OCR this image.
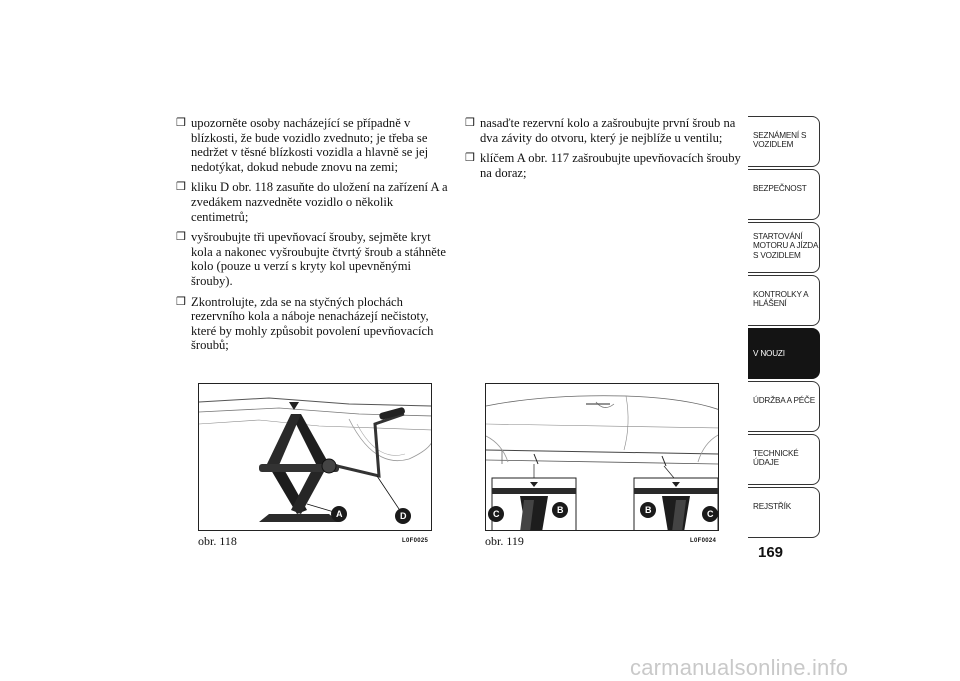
❒ upozorněte osoby nacházející se případně v blízkosti, že bude vozidlo zvednuto; je třeba se nedržet v těsné blízkosti vozidla a hlavně se jej nedotýkat, dokud nebude znovu na zemi;
❒ kliku D obr. 118 zasuňte do uložení na zařízení A a zvedákem nazvedněte vozidlo o několik centimetrů;
❒ vyšroubujte tři upevňovací šrouby, sejměte kryt kola a nakonec vyšroubujte čtvrtý šroub a stáhněte kolo (pouze u verzí s kryty kol upevněnými šrouby).
❒ Zkontrolujte, zda se na styčných plochách rezervního kola a náboje nenacházejí nečistoty, které by mohly způsobit povolení upevňovacích šroubů;
❒ nasaďte rezervní kolo a zašroubujte první šroub na dva závity do otvoru, který je nejblíže u ventilu;
❒ klíčem A obr. 117 zašroubujte upevňovacích šrouby na doraz;
A	D
obr. 118	L0F0025
C	B	B	C
obr. 119	L0F0024
SEZNÁMENÍ S VOZIDLEM
BEZPEČNOST
STARTOVÁNÍ MOTORU A JÍZDA S VOZIDLEM
KONTROLKY A HLÁŠENÍ
V NOUZI
ÚDRŽBA A PÉČE
TECHNICKÉ ÚDAJE
REJSTŘÍK
169
carmanualsonline.info
